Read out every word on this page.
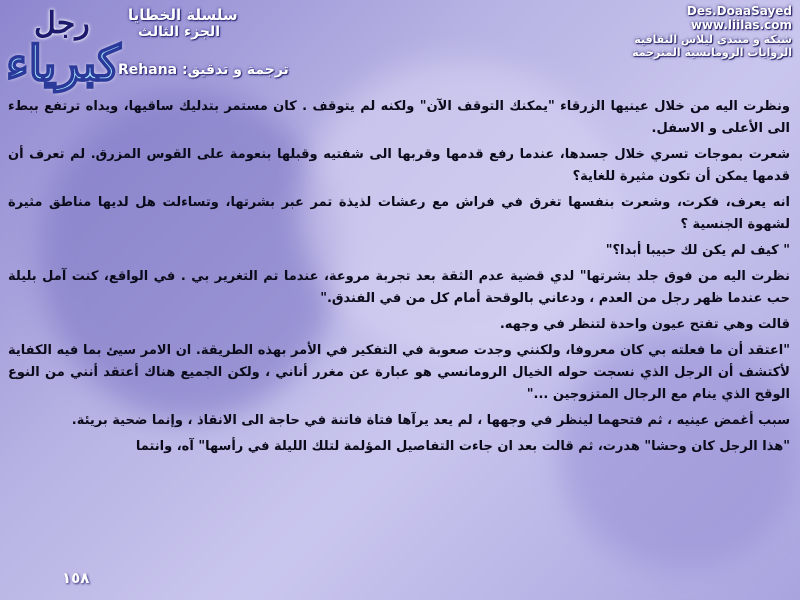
رجل
كبرياء
سلسلة الخطايا
الجزء الثالث
ترجمة و تدقيق: Rehana
Des.DoaaSayed
www.liilas.com
شبكة و منتدى ليلاس الثقافية
الروايات الرومانسية المترجمة

ونظرت اليه من خلال عينيها الزرقاء "يمكنك التوقف الآن" ولكنه لم يتوقف . كان مستمر بتدليك ساقيها، ويداه ترتفع ببطء الى الأعلى و الاسفل.

شعرت بموجات تسري خلال جسدها، عندما رفع قدمها وقربها الى شفتيه وقبلها بنعومة على القوس المزرق. لم تعرف أن قدمها يمكن أن تكون مثيرة للغاية؟

انه يعرف، فكرت، وشعرت بنفسها تغرق في فراش مع رعشات لذيذة تمر عبر بشرتها، وتساءلت هل لديها مناطق مثيرة لشهوة الجنسية ؟

" كيف لم يكن لك حبيبا أبدا؟"

نظرت اليه من فوق جلد بشرتها" لدي قضية عدم الثقة بعد تجربة مروعة، عندما تم التغرير بي . في الواقع، كنت آمل بليلة حب عندما ظهر رجل من العدم ، ودعاني بالوقحة أمام كل من في الفندق."

قالت وهي تفتح عيون واحدة لتنظر في وجهه.

"اعتقد أن ما فعلته بي كان معروفا، ولكنني وجدت صعوبة في التفكير في الأمر بهذه الطريقة. ان الامر سيئ بما فيه الكفاية لأكتشف أن الرجل الذي نسجت حوله الخيال الرومانسي هو عبارة عن مغرر أناني ، ولكن الجميع هناك أعتقد أنني من النوع الوقح الذي ينام مع الرجال المتزوجين ..."

سبب أغمض عينيه ، ثم فتحهما لينظر في وجهها ، لم يعد يرآها فتاة فاتنة في حاجة الى الانقاذ ، وإنما ضحية بريئة.

"هذا الرجل كان وحشا" هدرت، ثم قالت بعد ان جاءت التفاصيل المؤلمة لتلك الليلة في رأسها" آه، وانتما

١٥٨
